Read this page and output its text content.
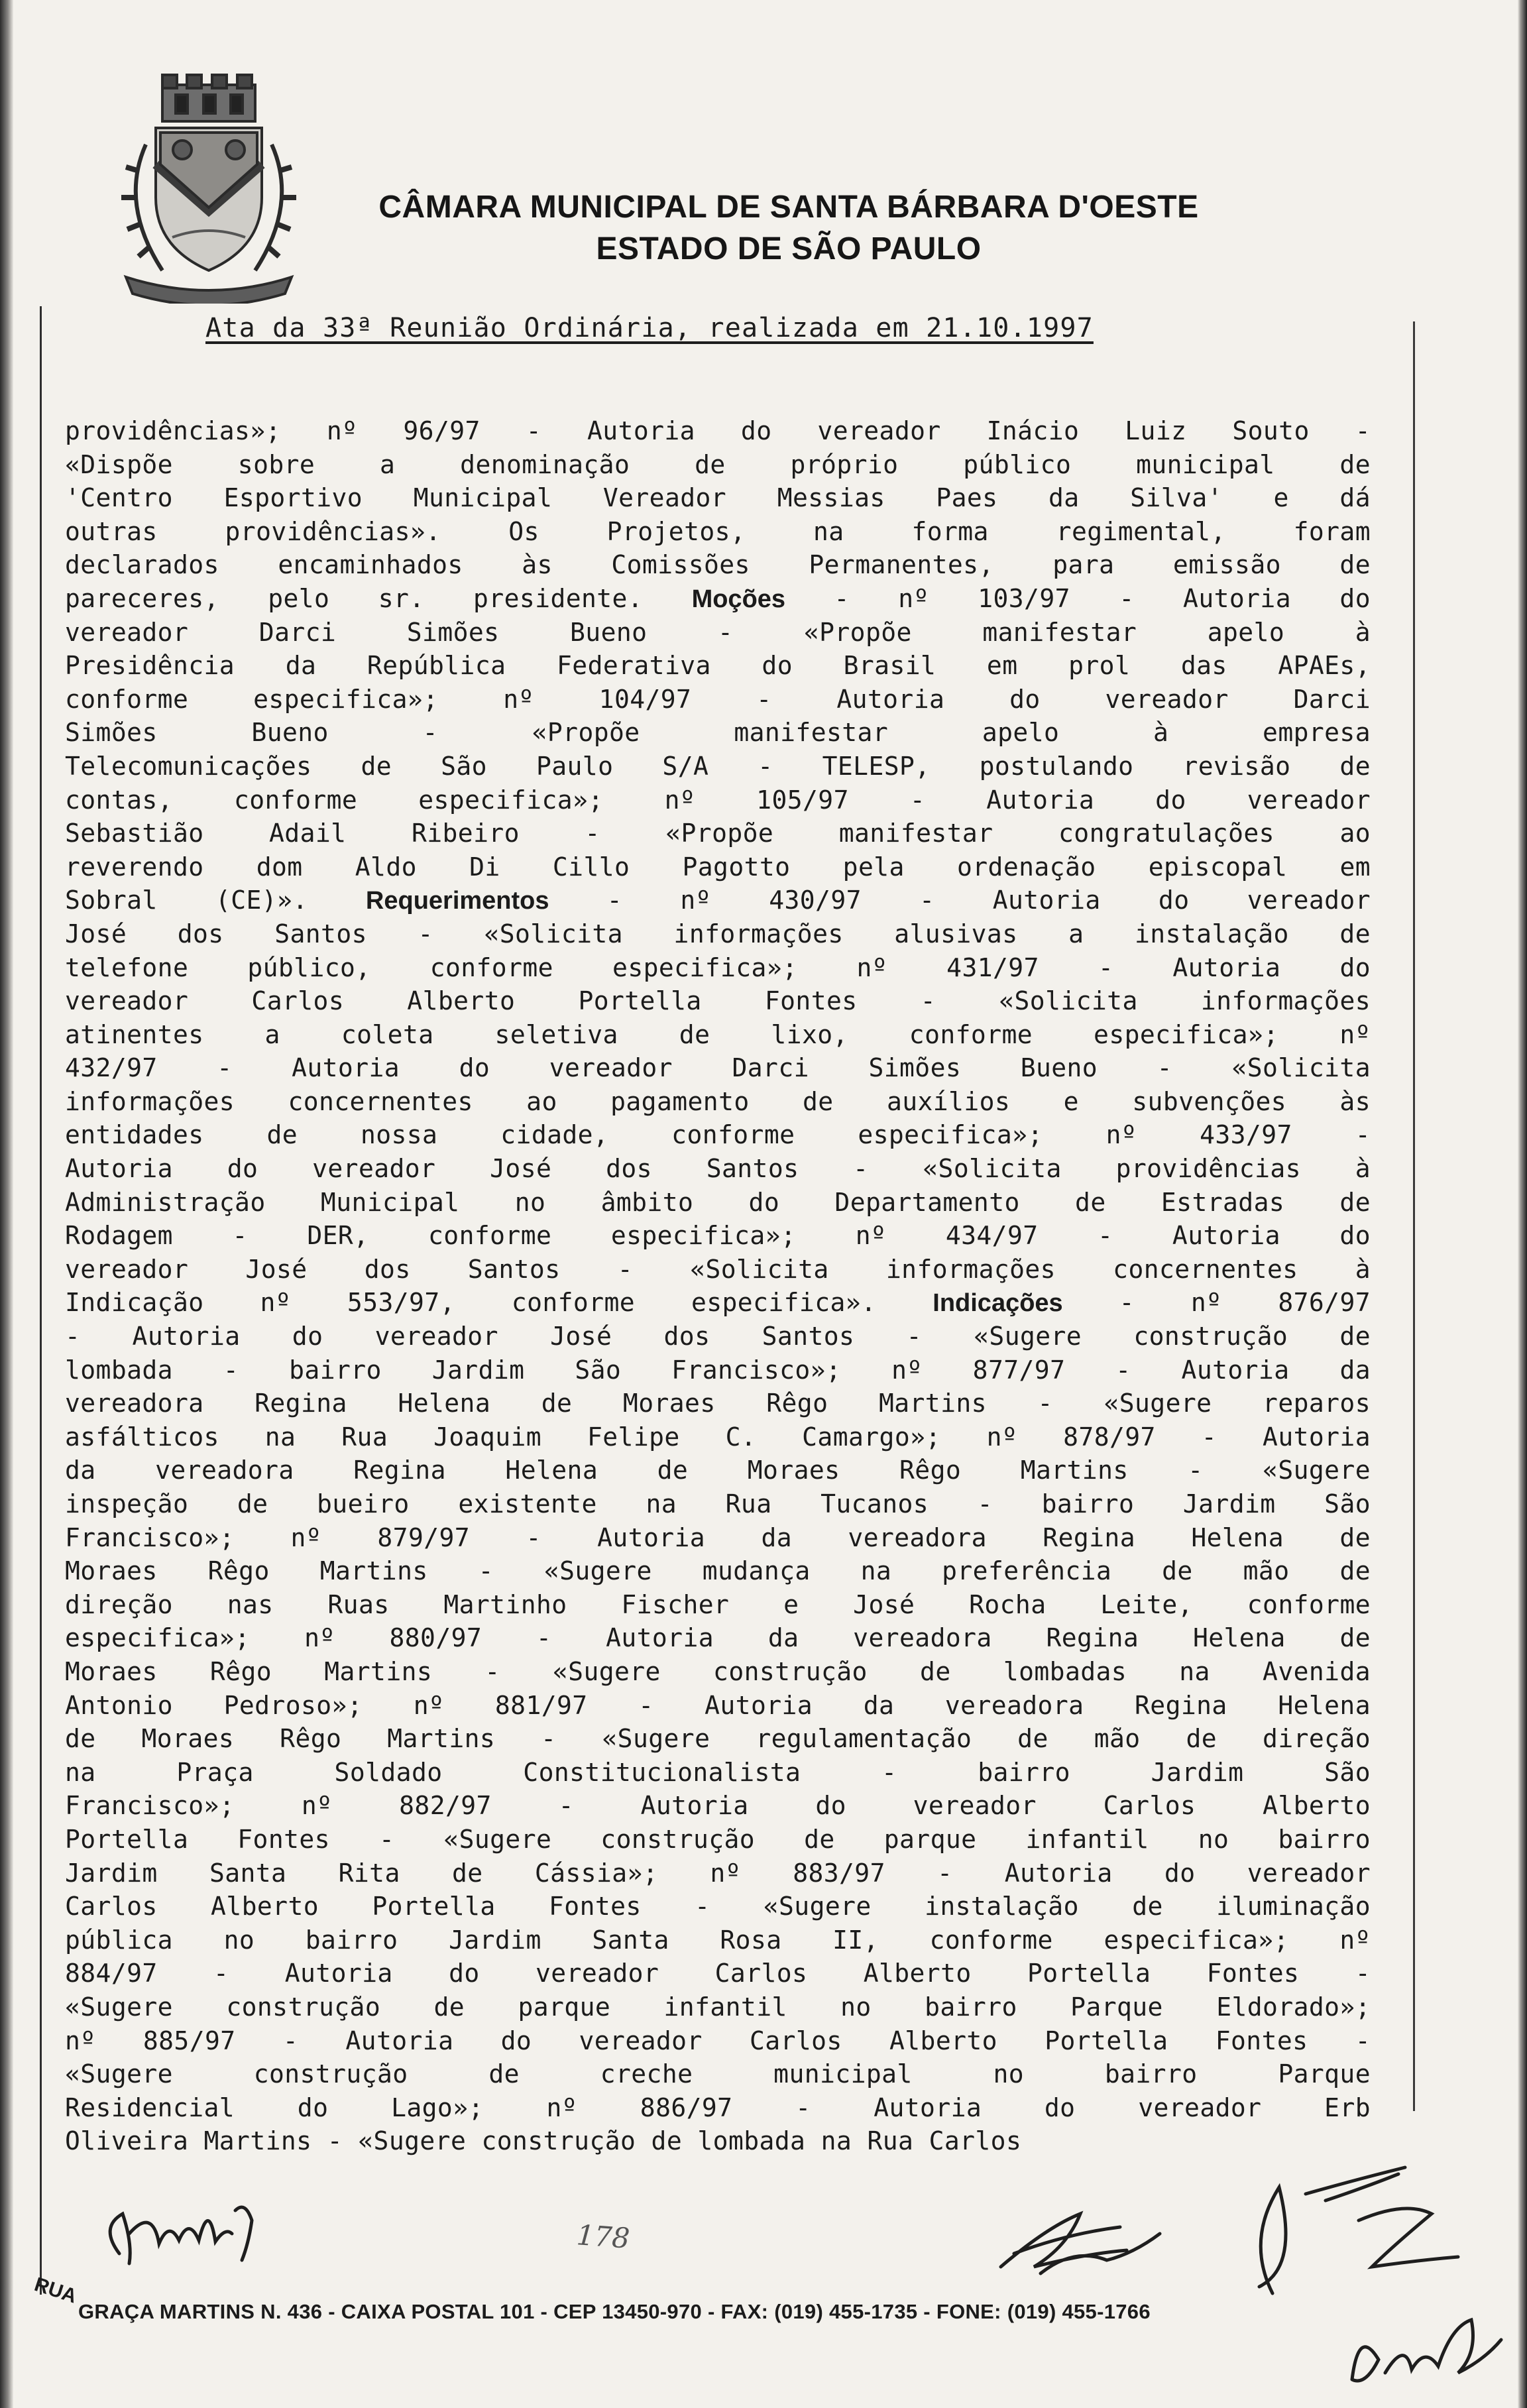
CÂMARA MUNICIPAL DE SANTA BÁRBARA D'OESTE
ESTADO DE SÃO PAULO
Ata da 33ª Reunião Ordinária, realizada em 21.10.1997
providências»; nº 96/97 - Autoria do vereador Inácio Luiz Souto -
«Dispõe sobre a denominação de próprio público municipal de
'Centro Esportivo Municipal Vereador Messias Paes da Silva' e dá
outras providências». Os Projetos, na forma regimental, foram
declarados encaminhados às Comissões Permanentes, para emissão de
pareceres, pelo sr. presidente. Moções - nº 103/97 - Autoria do
vereador Darci Simões Bueno - «Propõe manifestar apelo à
Presidência da República Federativa do Brasil em prol das APAEs,
conforme especifica»; nº 104/97 - Autoria do vereador Darci
Simões Bueno - «Propõe manifestar apelo à empresa
Telecomunicações de São Paulo S/A - TELESP, postulando revisão de
contas, conforme especifica»; nº 105/97 - Autoria do vereador
Sebastião Adail Ribeiro - «Propõe manifestar congratulações ao
reverendo dom Aldo Di Cillo Pagotto pela ordenação episcopal em
Sobral (CE)». Requerimentos - nº 430/97 - Autoria do vereador
José dos Santos - «Solicita informações alusivas a instalação de
telefone público, conforme especifica»; nº 431/97 - Autoria do
vereador Carlos Alberto Portella Fontes - «Solicita informações
atinentes a coleta seletiva de lixo, conforme especifica»; nº
432/97 - Autoria do vereador Darci Simões Bueno - «Solicita
informações concernentes ao pagamento de auxílios e subvenções às
entidades de nossa cidade, conforme especifica»; nº 433/97 -
Autoria do vereador José dos Santos - «Solicita providências à
Administração Municipal no âmbito do Departamento de Estradas de
Rodagem - DER, conforme especifica»; nº 434/97 - Autoria do
vereador José dos Santos - «Solicita informações concernentes à
Indicação nº 553/97, conforme especifica». Indicações - nº 876/97
- Autoria do vereador José dos Santos - «Sugere construção de
lombada - bairro Jardim São Francisco»; nº 877/97 - Autoria da
vereadora Regina Helena de Moraes Rêgo Martins - «Sugere reparos
asfálticos na Rua Joaquim Felipe C. Camargo»; nº 878/97 - Autoria
da vereadora Regina Helena de Moraes Rêgo Martins - «Sugere
inspeção de bueiro existente na Rua Tucanos - bairro Jardim São
Francisco»; nº 879/97 - Autoria da vereadora Regina Helena de
Moraes Rêgo Martins - «Sugere mudança na preferência de mão de
direção nas Ruas Martinho Fischer e José Rocha Leite, conforme
especifica»; nº 880/97 - Autoria da vereadora Regina Helena de
Moraes Rêgo Martins - «Sugere construção de lombadas na Avenida
Antonio Pedroso»; nº 881/97 - Autoria da vereadora Regina Helena
de Moraes Rêgo Martins - «Sugere regulamentação de mão de direção
na Praça Soldado Constitucionalista - bairro Jardim São
Francisco»; nº 882/97 - Autoria do vereador Carlos Alberto
Portella Fontes - «Sugere construção de parque infantil no bairro
Jardim Santa Rita de Cássia»; nº 883/97 - Autoria do vereador
Carlos Alberto Portella Fontes - «Sugere instalação de iluminação
pública no bairro Jardim Santa Rosa II, conforme especifica»; nº
884/97 - Autoria do vereador Carlos Alberto Portella Fontes -
«Sugere construção de parque infantil no bairro Parque Eldorado»;
nº 885/97 - Autoria do vereador Carlos Alberto Portella Fontes -
«Sugere construção de creche municipal no bairro Parque
Residencial do Lago»; nº 886/97 - Autoria do vereador Erb
Oliveira Martins - «Sugere construção de lombada na Rua Carlos
178
RUA
GRAÇA MARTINS N. 436 - CAIXA POSTAL 101 - CEP 13450-970 - FAX: (019) 455-1735 - FONE: (019) 455-1766
